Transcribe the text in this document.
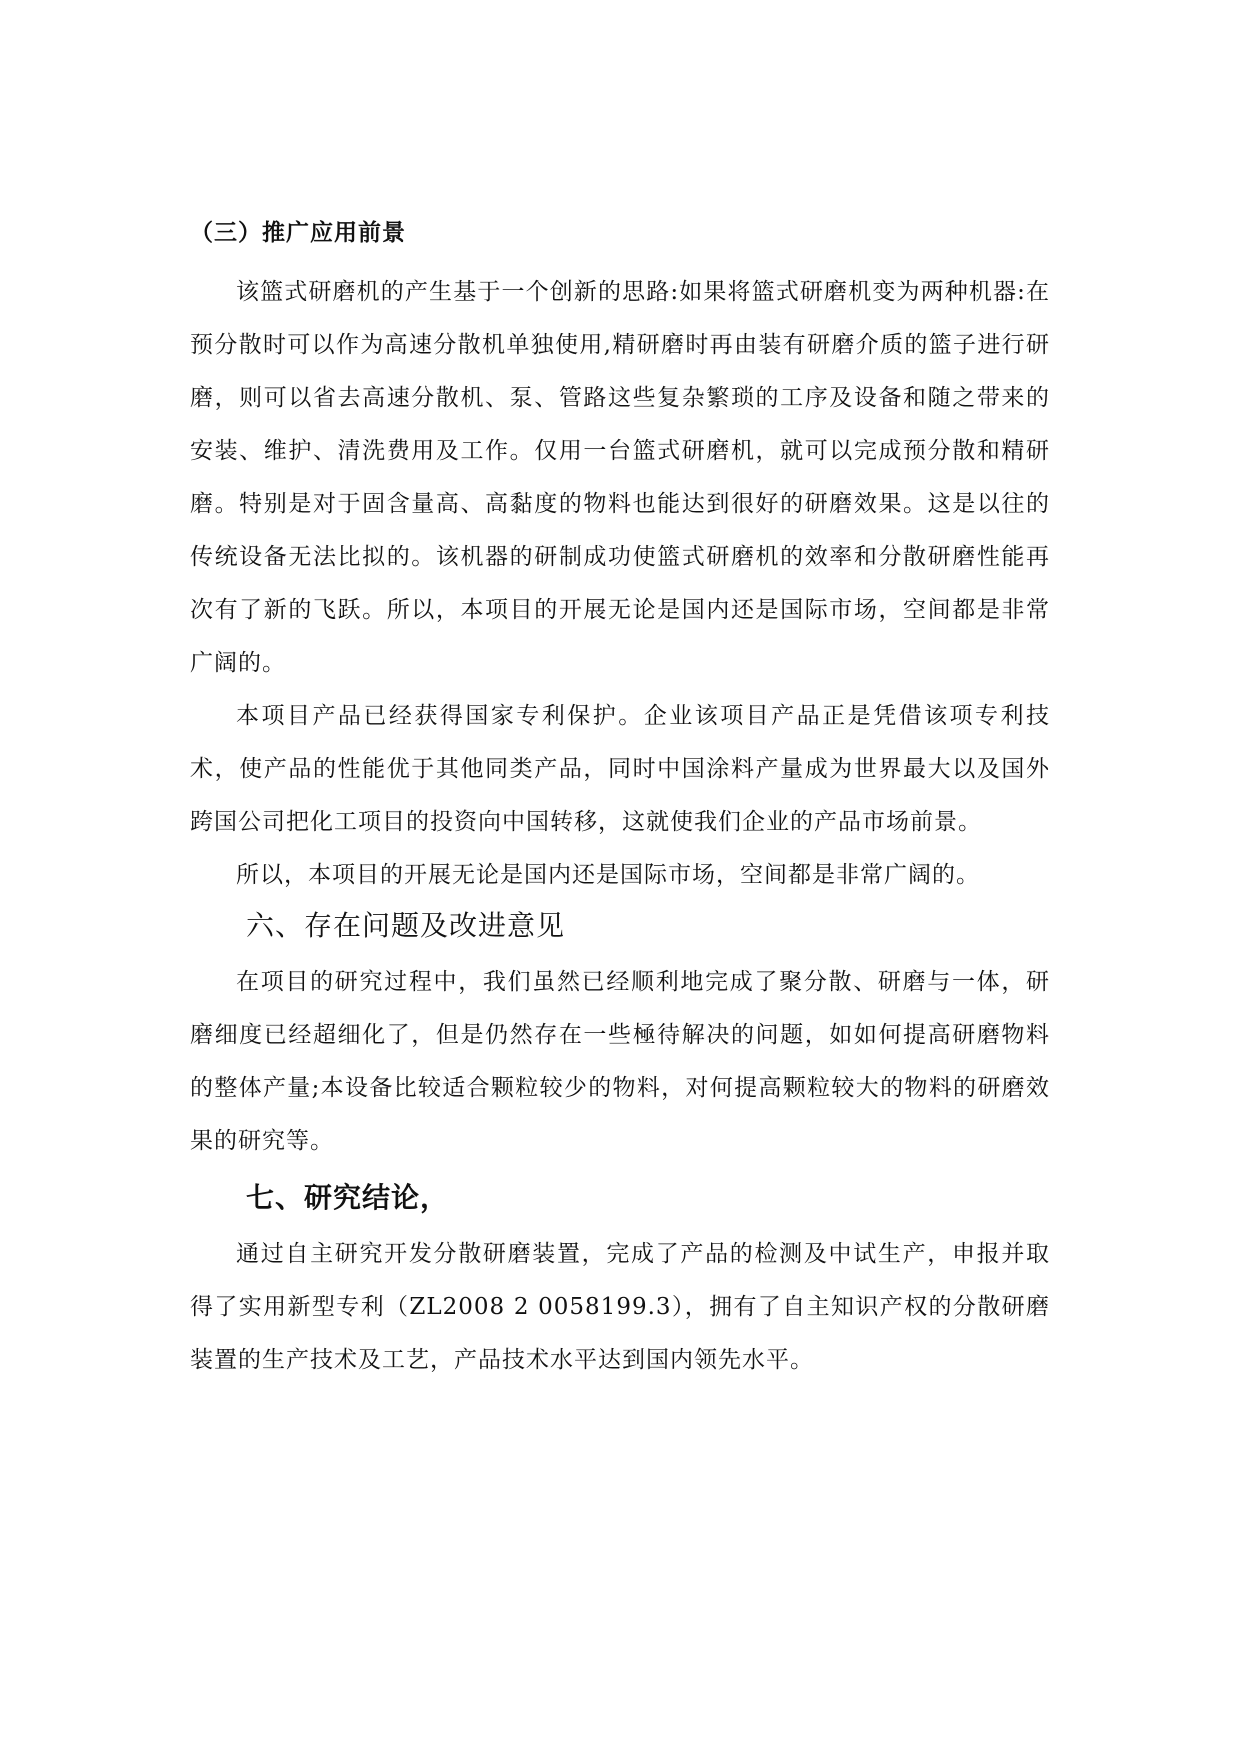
（三）推广应用前景

该篮式研磨机的产生基于一个创新的思路:如果将篮式研磨机变为两种机器:在预分散时可以作为高速分散机单独使用,精研磨时再由装有研磨介质的篮子进行研磨，则可以省去高速分散机、泵、管路这些复杂繁琐的工序及设备和随之带来的安装、维护、清洗费用及工作。仅用一台篮式研磨机，就可以完成预分散和精研磨。特别是对于固含量高、高黏度的物料也能达到很好的研磨效果。这是以往的传统设备无法比拟的。该机器的研制成功使篮式研磨机的效率和分散研磨性能再次有了新的飞跃。所以，本项目的开展无论是国内还是国际市场，空间都是非常广阔的。

本项目产品已经获得国家专利保护。企业该项目产品正是凭借该项专利技术，使产品的性能优于其他同类产品，同时中国涂料产量成为世界最大以及国外跨国公司把化工项目的投资向中国转移，这就使我们企业的产品市场前景。

所以，本项目的开展无论是国内还是国际市场，空间都是非常广阔的。

六、存在问题及改进意见

在项目的研究过程中，我们虽然已经顺利地完成了聚分散、研磨与一体，研磨细度已经超细化了，但是仍然存在一些極待解决的问题，如如何提高研磨物料的整体产量;本设备比较适合颗粒较少的物料，对何提高颗粒较大的物料的研磨效果的研究等。

七、研究结论，

通过自主研究开发分散研磨装置，完成了产品的检测及中试生产，申报并取得了实用新型专利（ZL2008 2 0058199.3），拥有了自主知识产权的分散研磨装置的生产技术及工艺，产品技术水平达到国内领先水平。
